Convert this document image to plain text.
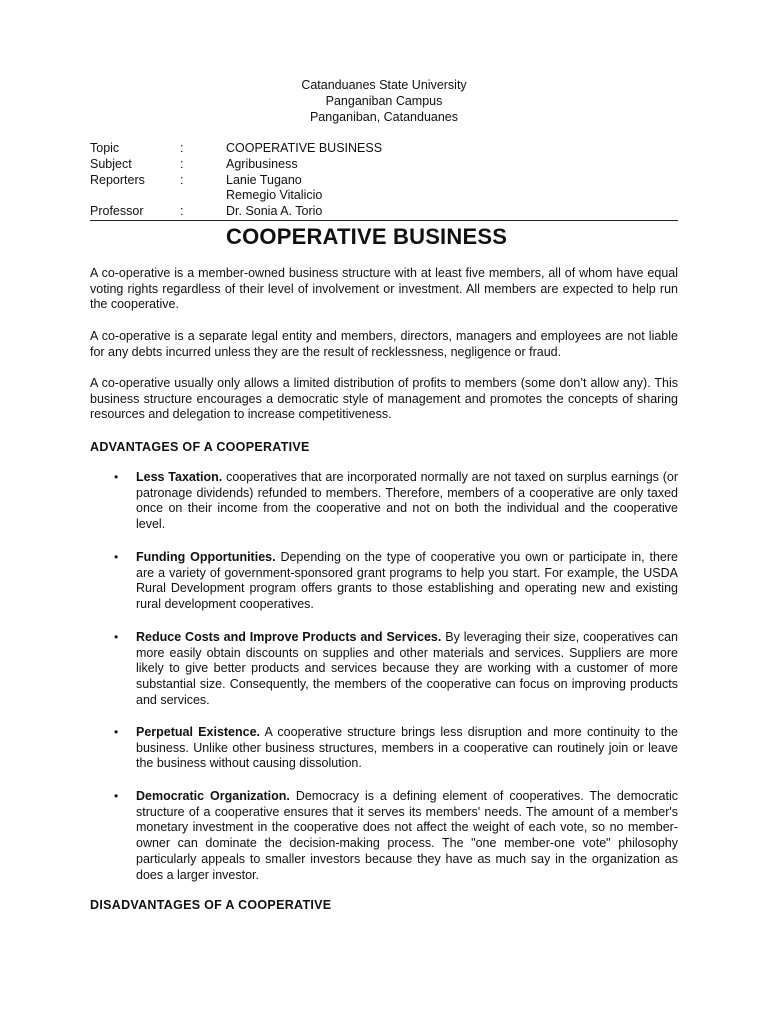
Catanduanes State University
Panganiban Campus
Panganiban, Catanduanes
Topic	:	COOPERATIVE BUSINESS
Subject	:	Agribusiness
Reporters	:	Lanie Tugano
		Remegio Vitalicio
Professor	:	Dr. Sonia A. Torio
COOPERATIVE BUSINESS

A co-operative is a member-owned business structure with at least five members, all of whom have equal voting rights regardless of their level of involvement or investment. All members are expected to help run the cooperative.

A co-operative is a separate legal entity and members, directors, managers and employees are not liable for any debts incurred unless they are the result of recklessness, negligence or fraud.

A co-operative usually only allows a limited distribution of profits to members (some don’t allow any). This business structure encourages a democratic style of management and promotes the concepts of sharing resources and delegation to increase competitiveness.

ADVANTAGES OF A COOPERATIVE

• Less Taxation. cooperatives that are incorporated normally are not taxed on surplus earnings (or patronage dividends) refunded to members. Therefore, members of a cooperative are only taxed once on their income from the cooperative and not on both the individual and the cooperative level.

• Funding Opportunities. Depending on the type of cooperative you own or participate in, there are a variety of government-sponsored grant programs to help you start. For example, the USDA Rural Development program offers grants to those establishing and operating new and existing rural development cooperatives.

• Reduce Costs and Improve Products and Services. By leveraging their size, cooperatives can more easily obtain discounts on supplies and other materials and services. Suppliers are more likely to give better products and services because they are working with a customer of more substantial size. Consequently, the members of the cooperative can focus on improving products and services.

• Perpetual Existence. A cooperative structure brings less disruption and more continuity to the business. Unlike other business structures, members in a cooperative can routinely join or leave the business without causing dissolution.

• Democratic Organization. Democracy is a defining element of cooperatives. The democratic structure of a cooperative ensures that it serves its members' needs. The amount of a member's monetary investment in the cooperative does not affect the weight of each vote, so no member-owner can dominate the decision-making process. The "one member-one vote" philosophy particularly appeals to smaller investors because they have as much say in the organization as does a larger investor.

DISADVANTAGES OF A COOPERATIVE
